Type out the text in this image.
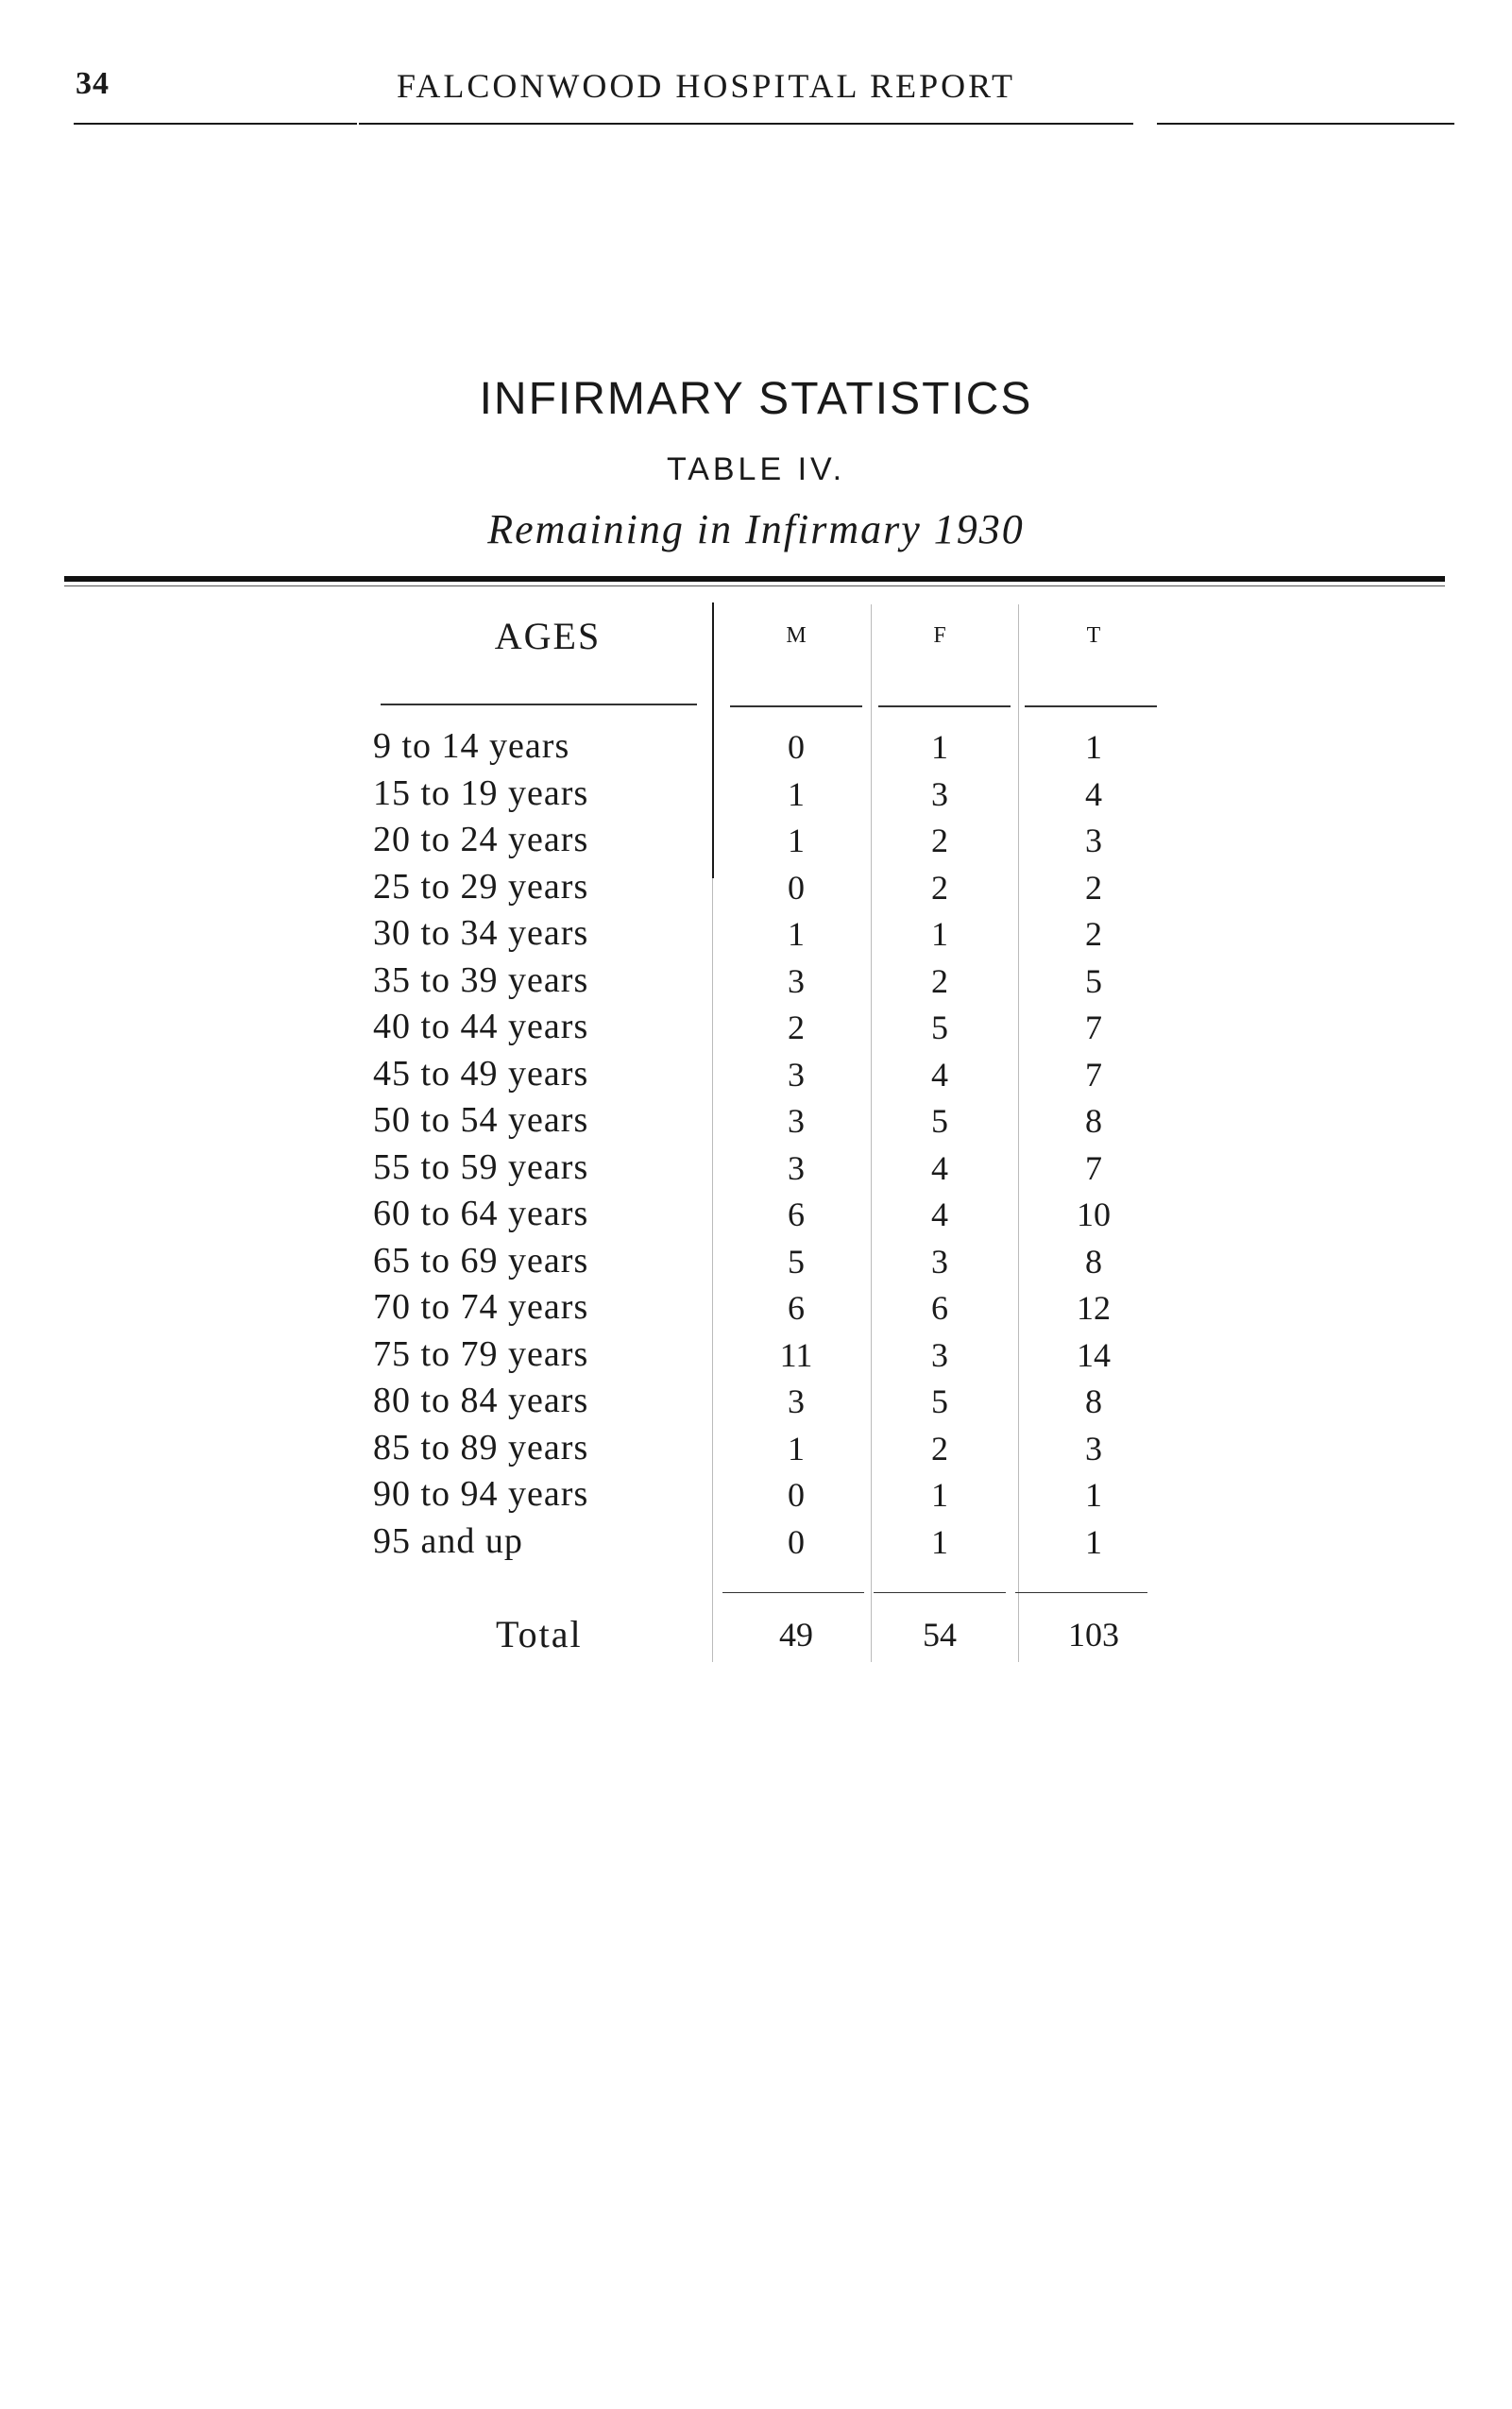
34	FALCONWOOD HOSPITAL REPORT
INFIRMARY STATISTICS
TABLE IV.
Remaining in Infirmary 1930
AGES	M	F	T
9 to 14 years	0	1	1
15 to 19 years	1	3	4
20 to 24 years	1	2	3
25 to 29 years	0	2	2
30 to 34 years	1	1	2
35 to 39 years	3	2	5
40 to 44 years	2	5	7
45 to 49 years	3	4	7
50 to 54 years	3	5	8
55 to 59 years	3	4	7
60 to 64 years	6	4	10
65 to 69 years	5	3	8
70 to 74 years	6	6	12
75 to 79 years	11	3	14
80 to 84 years	3	5	8
85 to 89 years	1	2	3
90 to 94 years	0	1	1
95 and up	0	1	1
Total	49	54	103
